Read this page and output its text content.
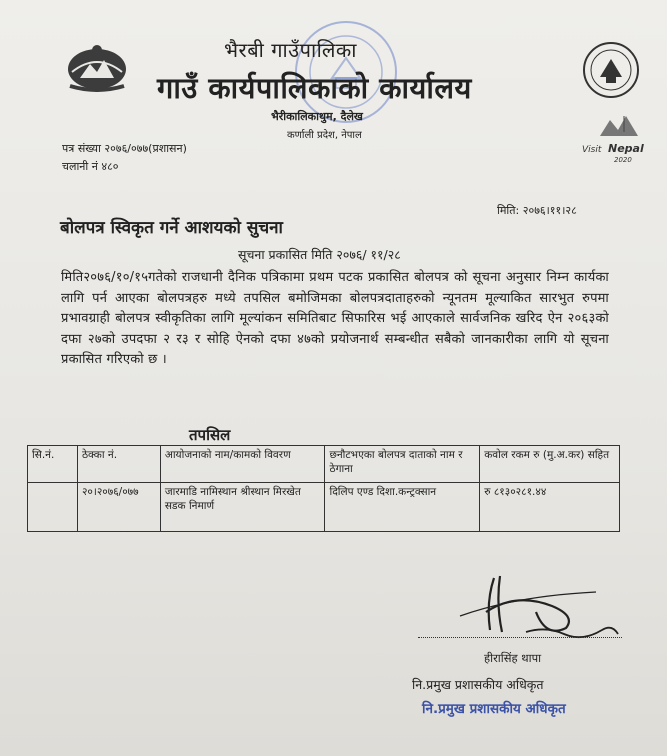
भैरबी गाउँपालिका
गाउँ कार्यपालिकाको कार्यालय
भैरीकालिकाथुम, दैलेख
कर्णाली प्रदेश, नेपाल
Visit Nepal
2020
पत्र संख्या २०७६/०७७(प्रशासन)
चलानी नं ४८०
मिति: २०७६।११।२८
बोलपत्र स्विकृत गर्ने आशयको सुचना
सूचना प्रकासित मिति २०७६/ ११/२८
मिति२०७६/१०/१५गतेको राजधानी दैनिक पत्रिकामा प्रथम पटक प्रकासित बोलपत्र को सूचना अनुसार निम्न कार्यका लागि पर्न आएका बोलपत्रहरु मध्ये तपसिल बमोजिमका बोलपत्रदाताहरुको न्यूनतम मूल्याकित सारभुत रुपमा प्रभावग्राही बोलपत्र स्वीकृतिका लागि मूल्यांकन समितिबाट सिफारिस भई आएकाले सार्वजनिक खरिद ऐन २०६३को दफा २७को उपदफा २ र३ र सोहि ऐनको दफा ४७को प्रयोजनार्थ सम्बन्धीत सबैको जानकारीका लागि यो सूचना प्रकासित गरिएको छ ।
तपसिल
सि.नं.	ठेक्का नं.	आयोजनाको नाम/कामको विवरण	छनौटभएका बोलपत्र दाताको नाम र ठेगाना	कवोल रकम रु (मु.अ.कर) सहित
	२०।२०७६/०७७	जारमाडि नामिस्थान श्रीस्थान मिरखेत सडक निमार्ण	दिलिप एण्ड दिशा.कन्ट्रक्सान	रु ८१३०२८१.४४
हीरासिंह थापा
नि.प्रमुख प्रशासकीय अधिकृत
नि.प्रमुख प्रशासकीय अधिकृत
